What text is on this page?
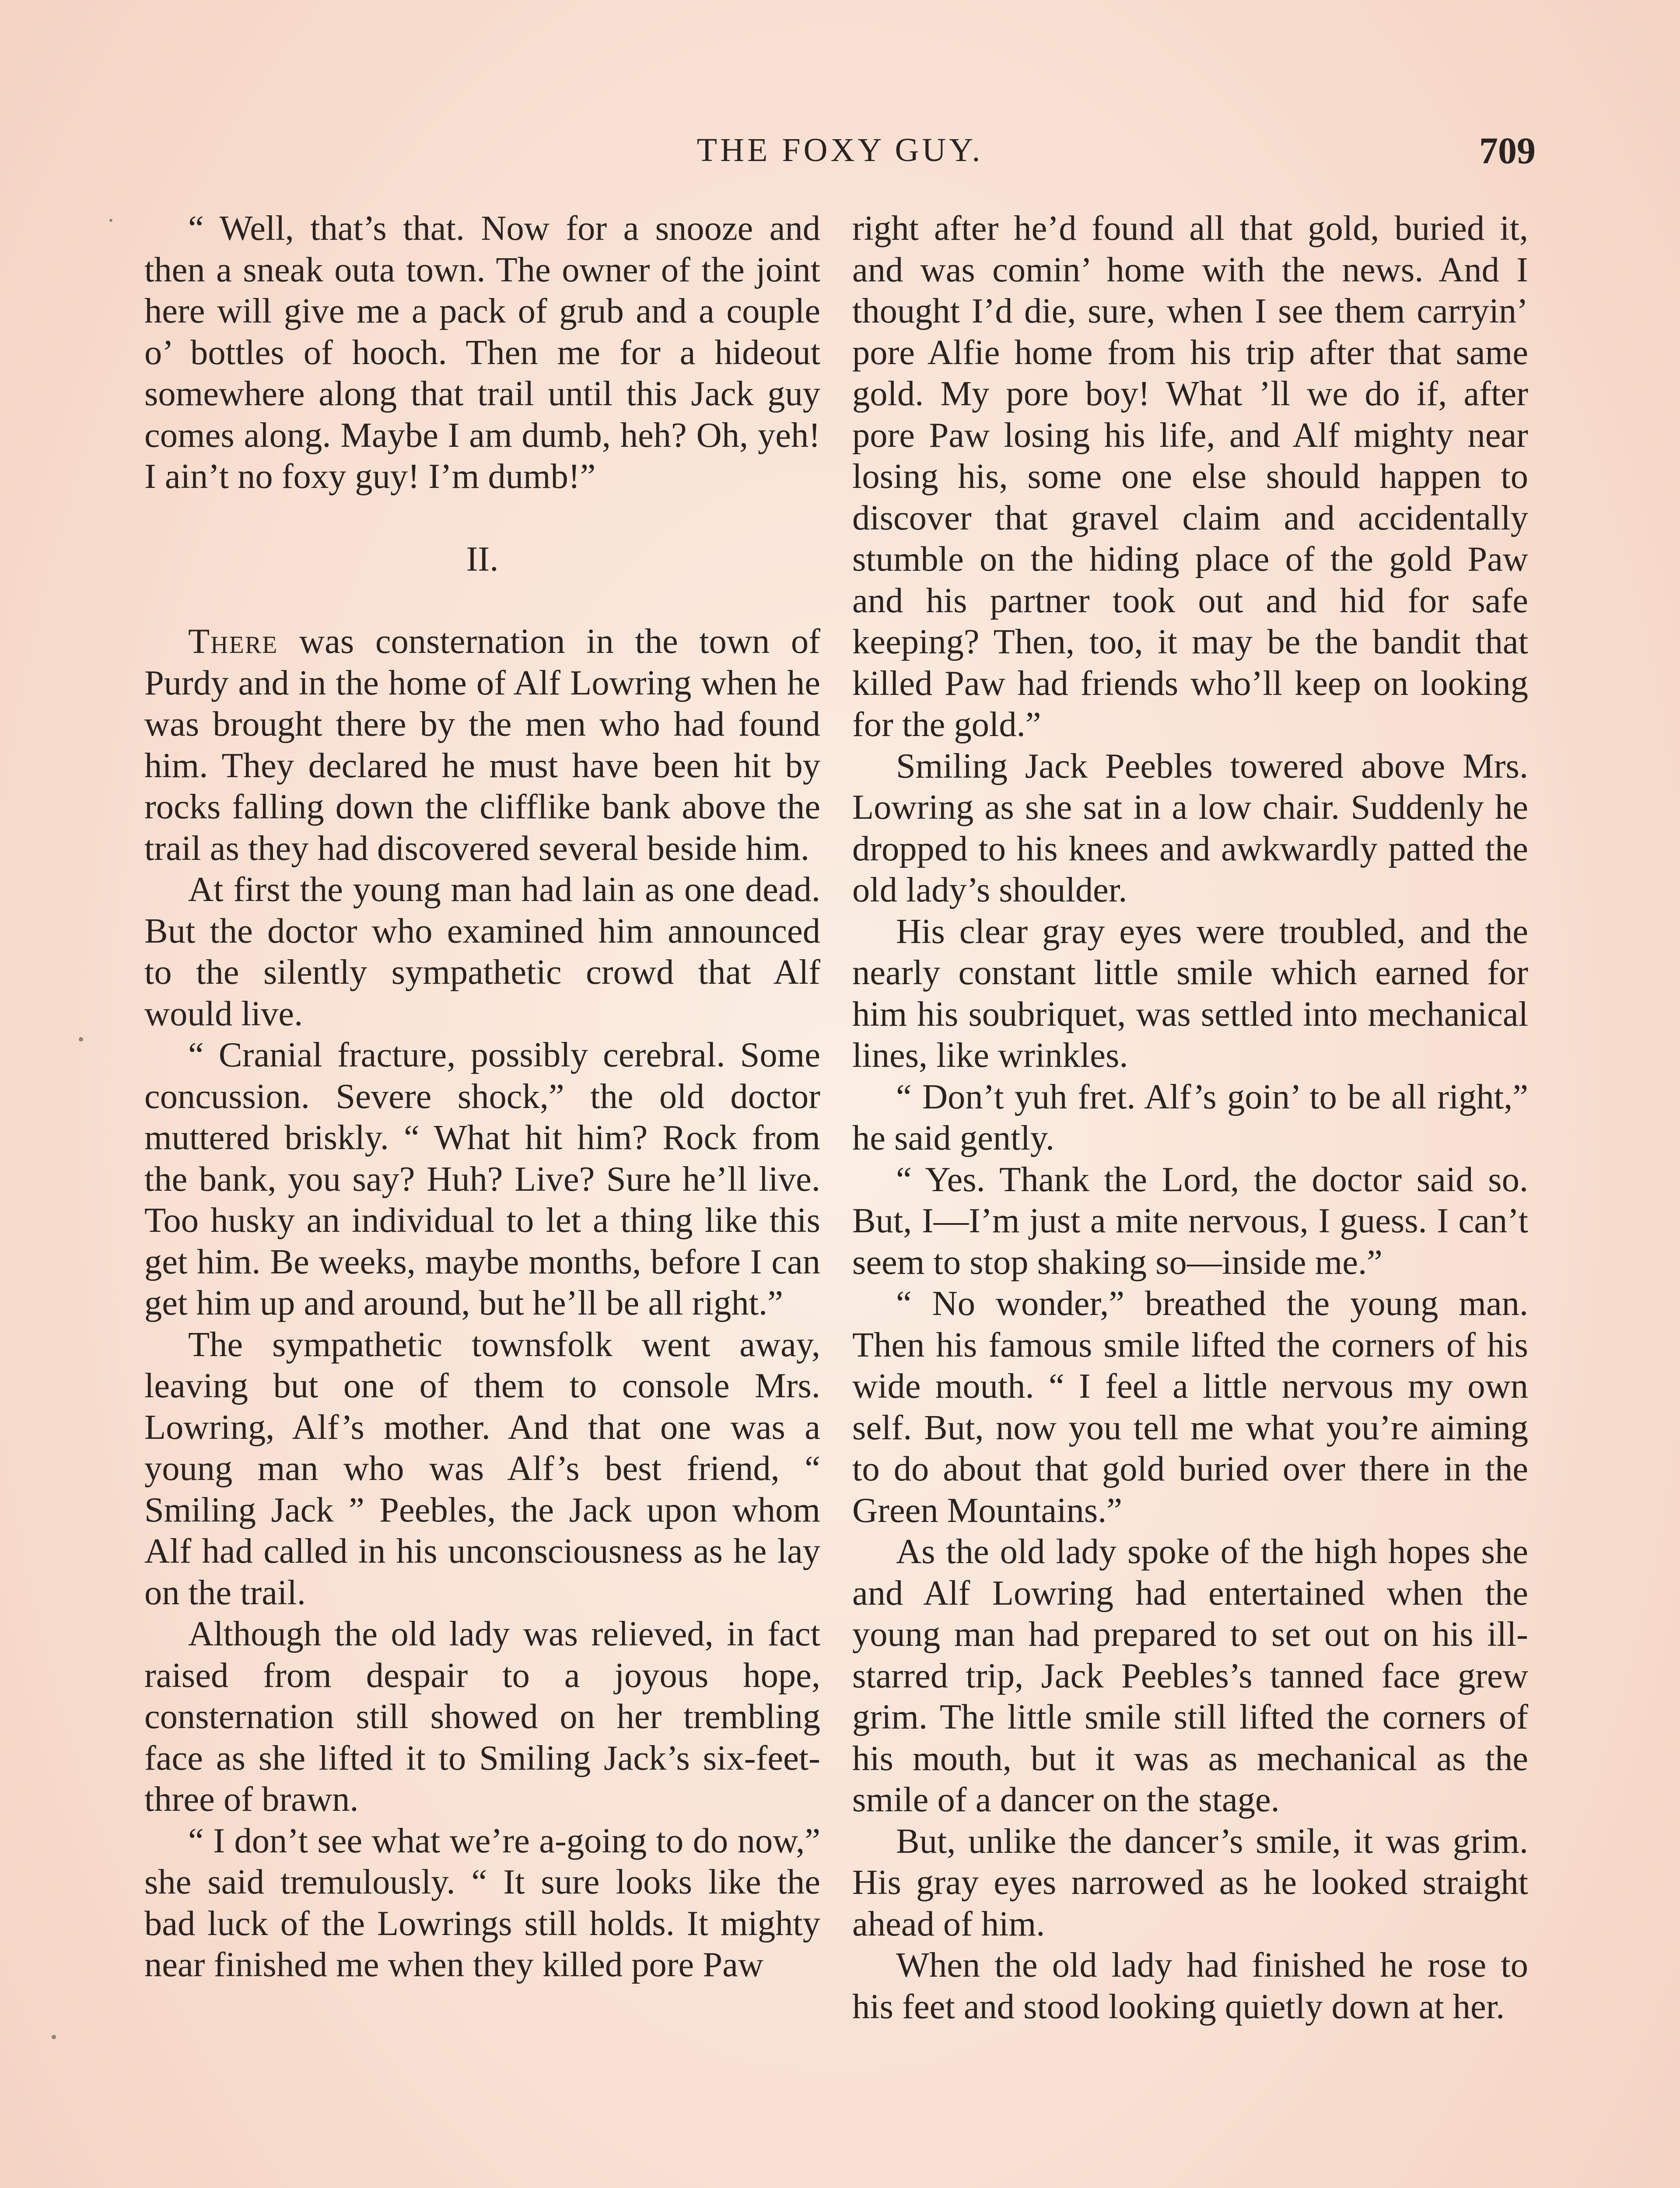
THE FOXY GUY.	709

“ Well, that’s that. Now for a snooze and then a sneak outa town. The owner of the joint here will give me a pack of grub and a couple o’ bottles of hooch. Then me for a hideout somewhere along that trail until this Jack guy comes along. Maybe I am dumb, heh? Oh, yeh! I ain’t no foxy guy! I’m dumb!”

II.

There was consternation in the town of Purdy and in the home of Alf Lowring when he was brought there by the men who had found him. They declared he must have been hit by rocks falling down the clifflike bank above the trail as they had discovered several beside him.

At first the young man had lain as one dead. But the doctor who examined him announced to the silently sympathetic crowd that Alf would live.

“ Cranial fracture, possibly cerebral. Some concussion. Severe shock,” the old doctor muttered briskly. “ What hit him? Rock from the bank, you say? Huh? Live? Sure he’ll live. Too husky an individual to let a thing like this get him. Be weeks, maybe months, before I can get him up and around, but he’ll be all right.”

The sympathetic townsfolk went away, leaving but one of them to console Mrs. Lowring, Alf’s mother. And that one was a young man who was Alf’s best friend, “ Smiling Jack ” Peebles, the Jack upon whom Alf had called in his unconsciousness as he lay on the trail.

Although the old lady was relieved, in fact raised from despair to a joyous hope, consternation still showed on her trembling face as she lifted it to Smiling Jack’s six-feet-three of brawn.

“ I don’t see what we’re a-going to do now,” she said tremulously. “ It sure looks like the bad luck of the Lowrings still holds. It mighty near finished me when they killed pore Paw

right after he’d found all that gold, buried it, and was comin’ home with the news. And I thought I’d die, sure, when I see them carryin’ pore Alfie home from his trip after that same gold. My pore boy! What ’ll we do if, after pore Paw losing his life, and Alf mighty near losing his, some one else should happen to discover that gravel claim and accidentally stumble on the hiding place of the gold Paw and his partner took out and hid for safe keeping? Then, too, it may be the bandit that killed Paw had friends who’ll keep on looking for the gold.”

Smiling Jack Peebles towered above Mrs. Lowring as she sat in a low chair. Suddenly he dropped to his knees and awkwardly patted the old lady’s shoulder.

His clear gray eyes were troubled, and the nearly constant little smile which earned for him his soubriquet, was settled into mechanical lines, like wrinkles.

“ Don’t yuh fret. Alf’s goin’ to be all right,” he said gently.

“ Yes. Thank the Lord, the doctor said so. But, I—I’m just a mite nervous, I guess. I can’t seem to stop shaking so—inside me.”

“ No wonder,” breathed the young man. Then his famous smile lifted the corners of his wide mouth. “ I feel a little nervous my own self. But, now you tell me what you’re aiming to do about that gold buried over there in the Green Mountains.”

As the old lady spoke of the high hopes she and Alf Lowring had entertained when the young man had prepared to set out on his ill-starred trip, Jack Peebles’s tanned face grew grim. The little smile still lifted the corners of his mouth, but it was as mechanical as the smile of a dancer on the stage.

But, unlike the dancer’s smile, it was grim. His gray eyes narrowed as he looked straight ahead of him.

When the old lady had finished he rose to his feet and stood looking quietly down at her.
